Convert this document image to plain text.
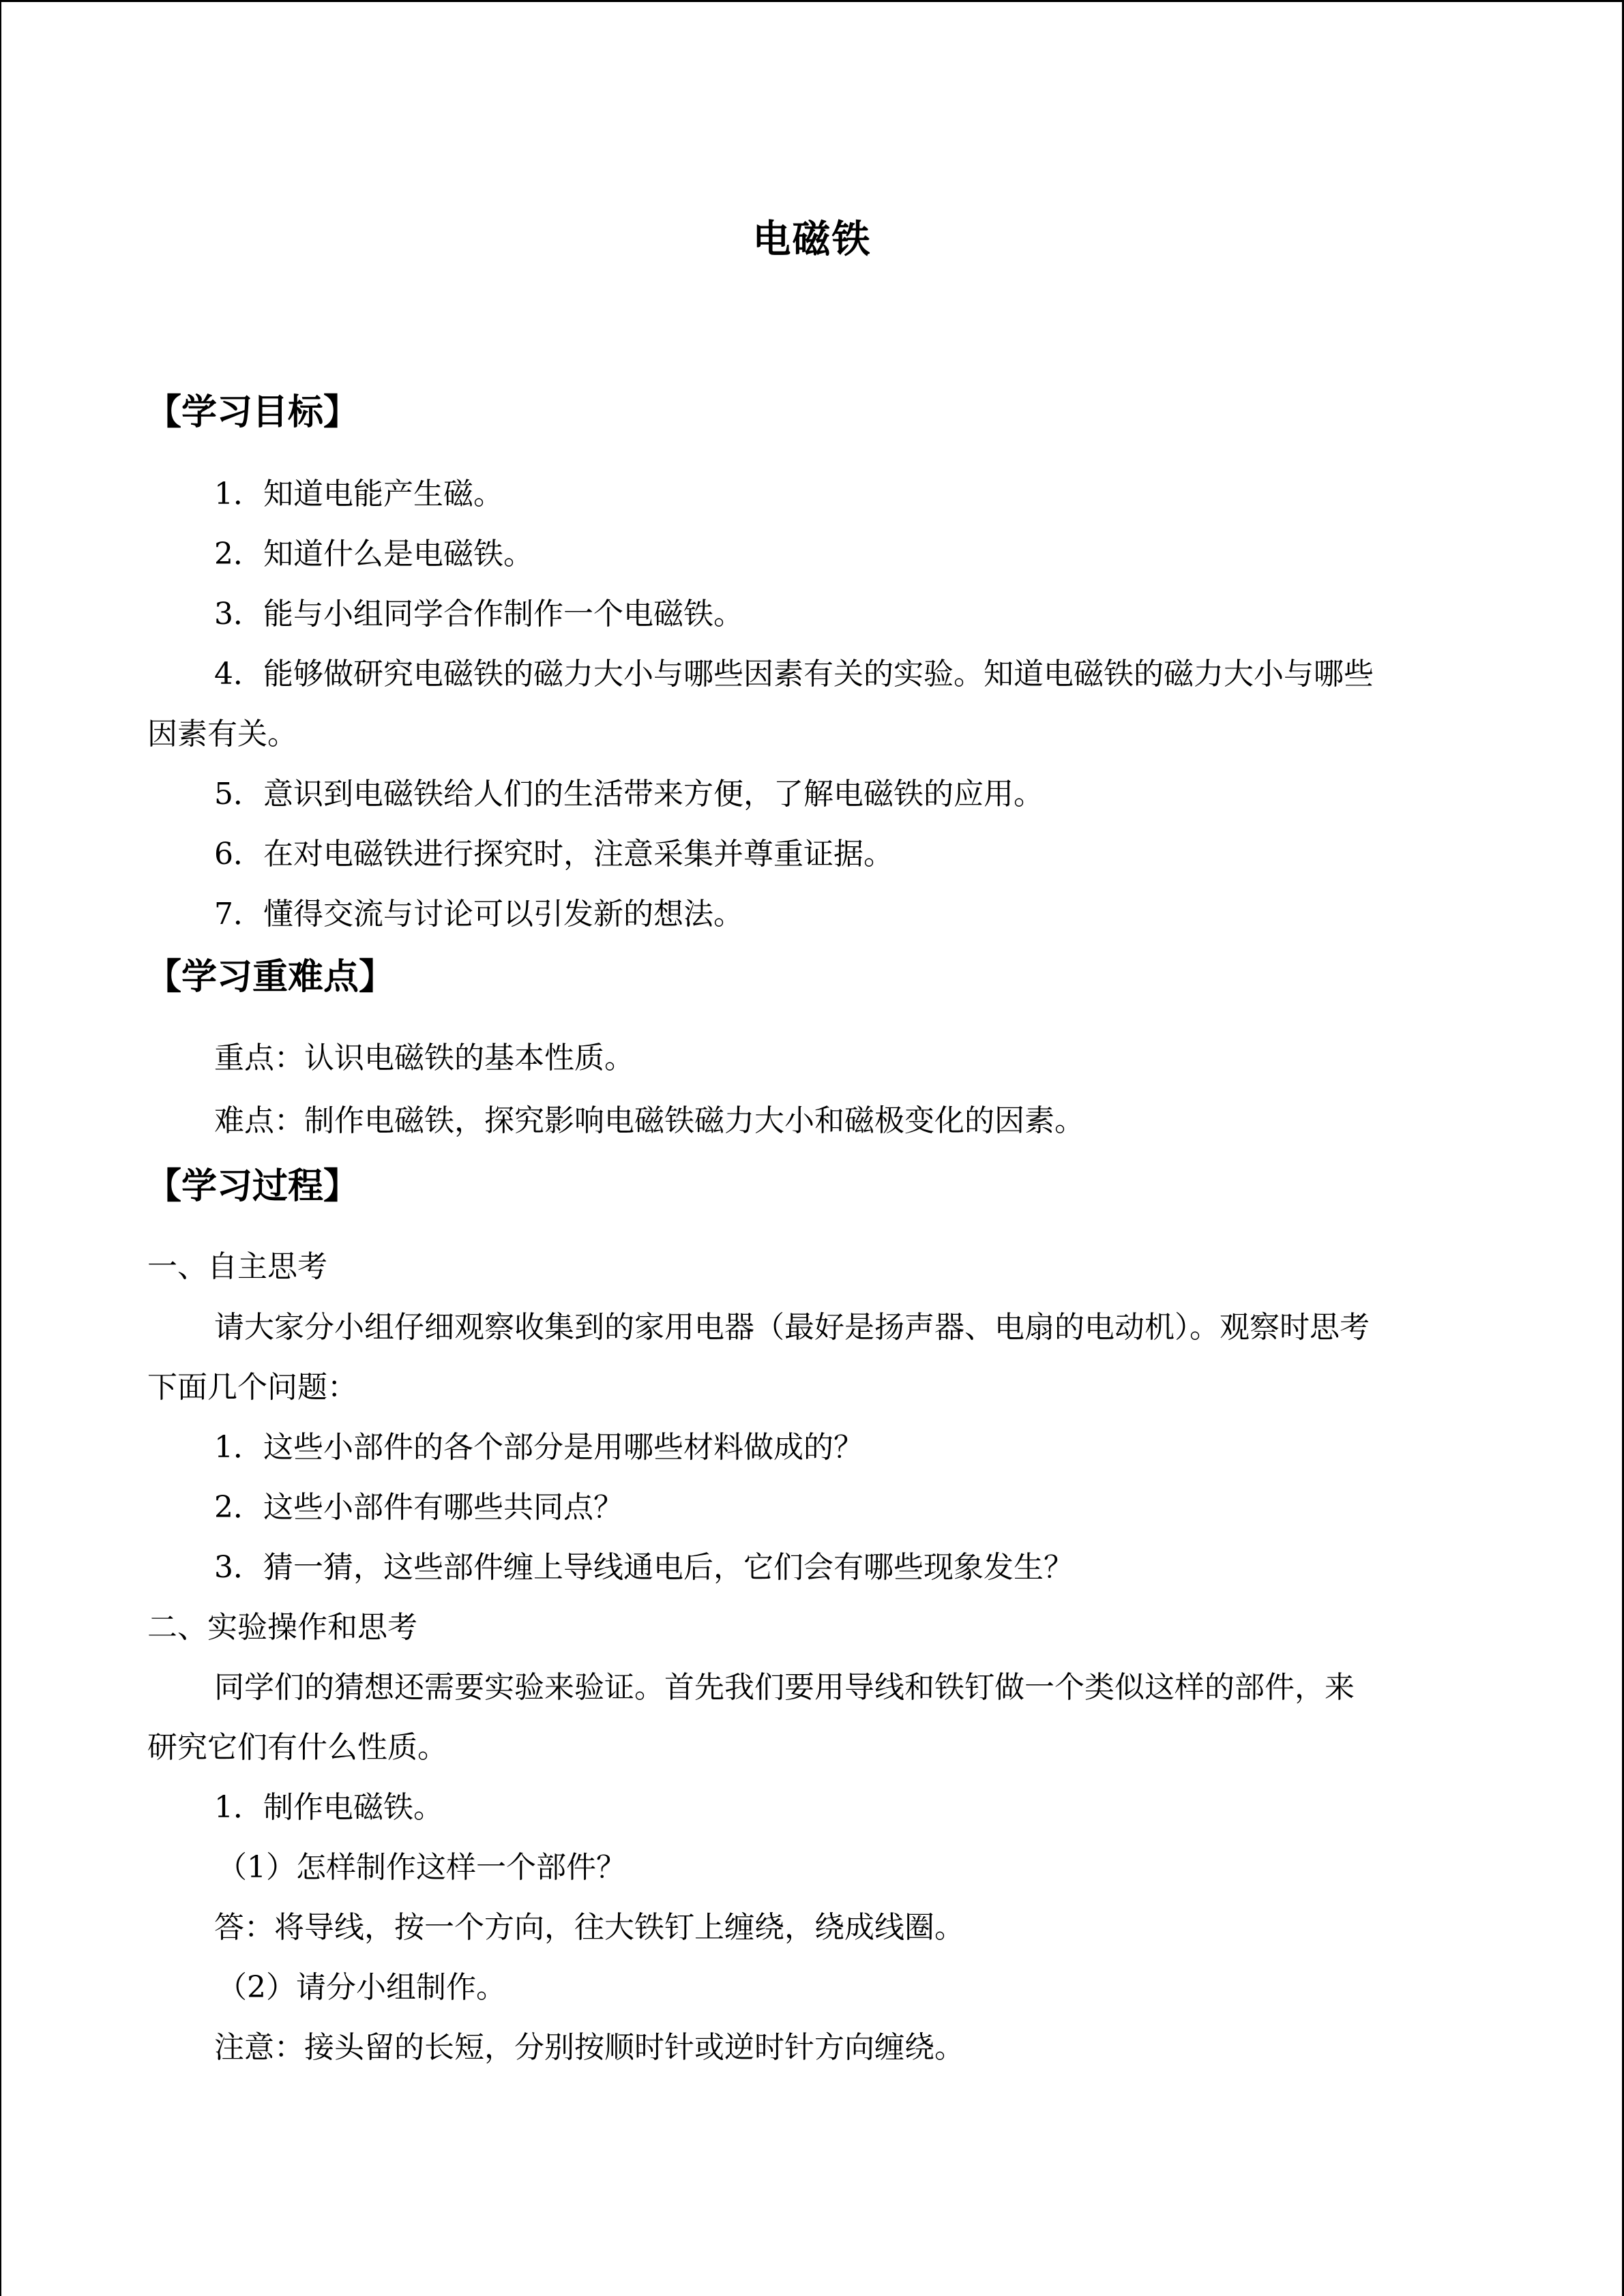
电磁铁
【学习目标】
1．知道电能产生磁。
2．知道什么是电磁铁。
3．能与小组同学合作制作一个电磁铁。
4．能够做研究电磁铁的磁力大小与哪些因素有关的实验。知道电磁铁的磁力大小与哪些
因素有关。
5．意识到电磁铁给人们的生活带来方便，了解电磁铁的应用。
6．在对电磁铁进行探究时，注意采集并尊重证据。
7．懂得交流与讨论可以引发新的想法。
【学习重难点】
重点：认识电磁铁的基本性质。
难点：制作电磁铁，探究影响电磁铁磁力大小和磁极变化的因素。
【学习过程】
一、自主思考
请大家分小组仔细观察收集到的家用电器（最好是扬声器、电扇的电动机）。观察时思考
下面几个问题：
1．这些小部件的各个部分是用哪些材料做成的？
2．这些小部件有哪些共同点？
3．猜一猜，这些部件缠上导线通电后，它们会有哪些现象发生？
二、实验操作和思考
同学们的猜想还需要实验来验证。首先我们要用导线和铁钉做一个类似这样的部件，来
研究它们有什么性质。
1．制作电磁铁。
（1）怎样制作这样一个部件？
答：将导线，按一个方向，往大铁钉上缠绕，绕成线圈。
（2）请分小组制作。
注意：接头留的长短，分别按顺时针或逆时针方向缠绕。
